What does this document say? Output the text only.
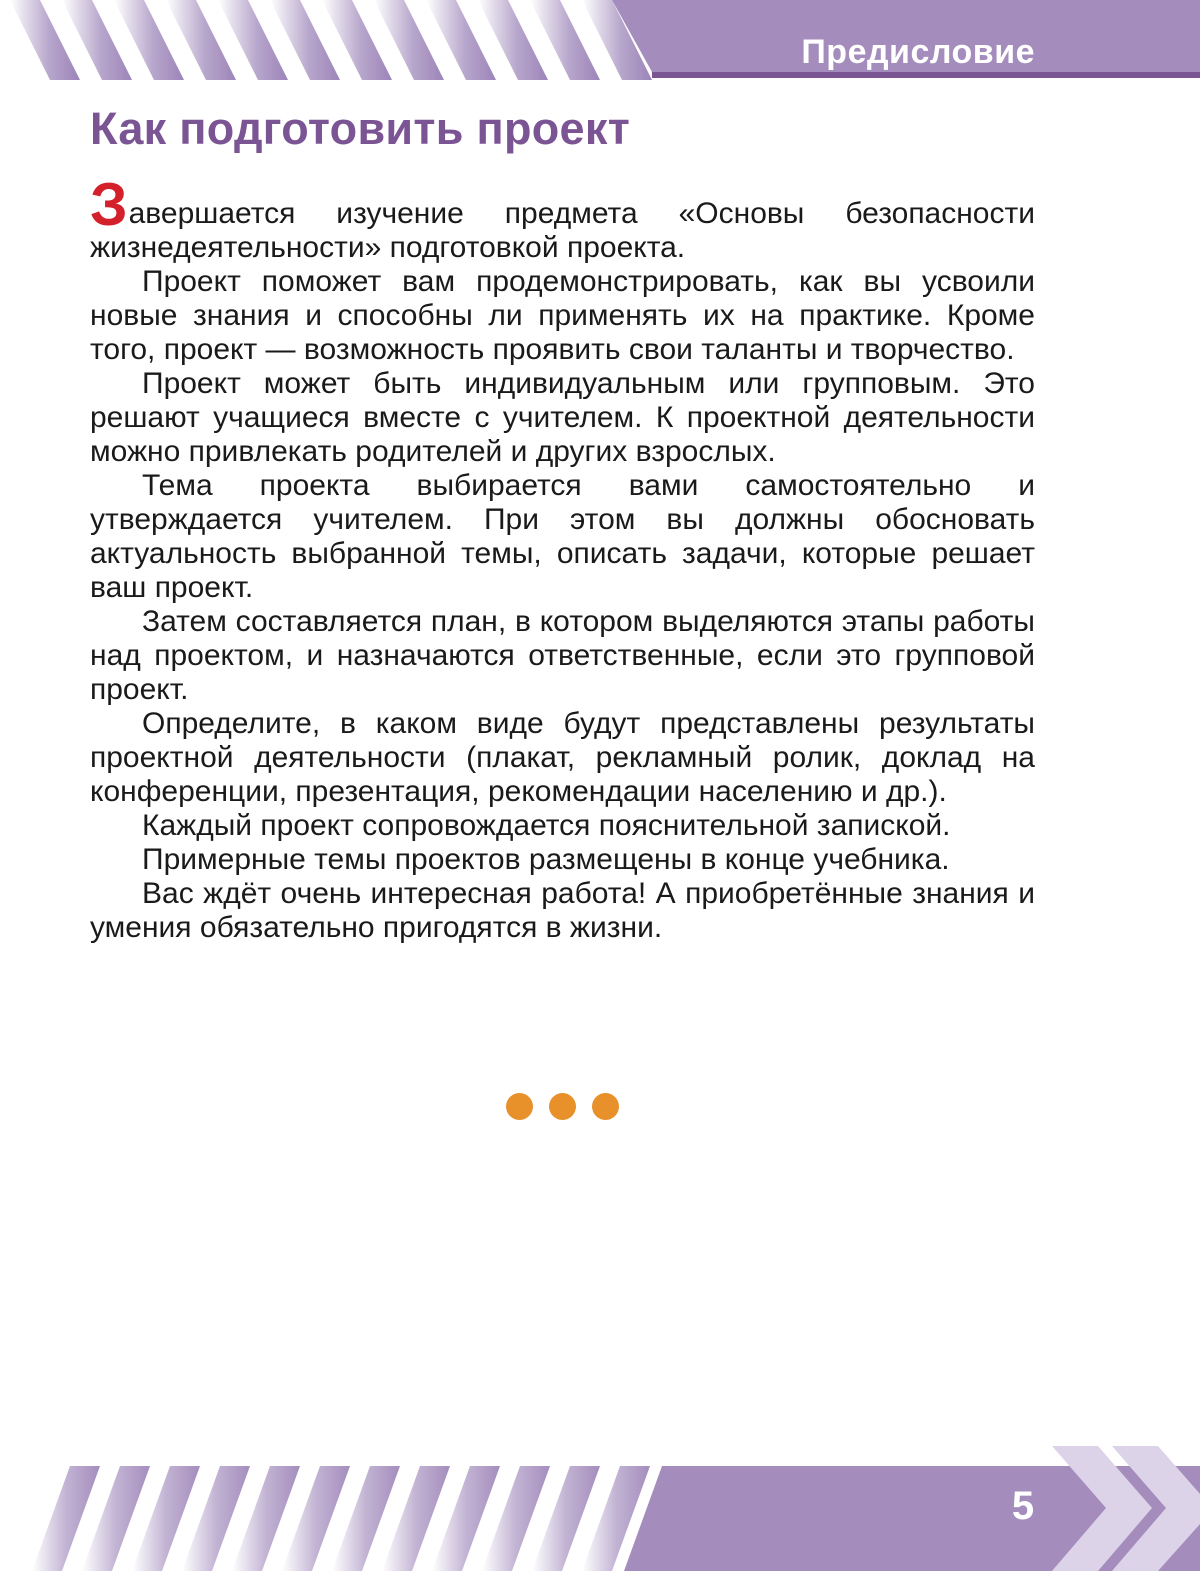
Предисловие
Как подготовить проект

Завершается изучение предмета «Основы безопасности жизнедеятельности» подготовкой проекта.

Проект поможет вам продемонстрировать, как вы усвоили новые знания и способны ли применять их на практике. Кроме того, проект — возможность проявить свои таланты и творчество.

Проект может быть индивидуальным или групповым. Это решают учащиеся вместе с учителем. К проектной деятельности можно привлекать родителей и других взрослых.

Тема проекта выбирается вами самостоятельно и утверждается учителем. При этом вы должны обосновать актуальность выбранной темы, описать задачи, которые решает ваш проект.

Затем составляется план, в котором выделяются этапы работы над проектом, и назначаются ответственные, если это групповой проект.

Определите, в каком виде будут представлены результаты проектной деятельности (плакат, рекламный ролик, доклад на конференции, презентация, рекомендации населению и др.).

Каждый проект сопровождается пояснительной запиской.

Примерные темы проектов размещены в конце учебника.

Вас ждёт очень интересная работа! А приобретённые знания и умения обязательно пригодятся в жизни.

5
